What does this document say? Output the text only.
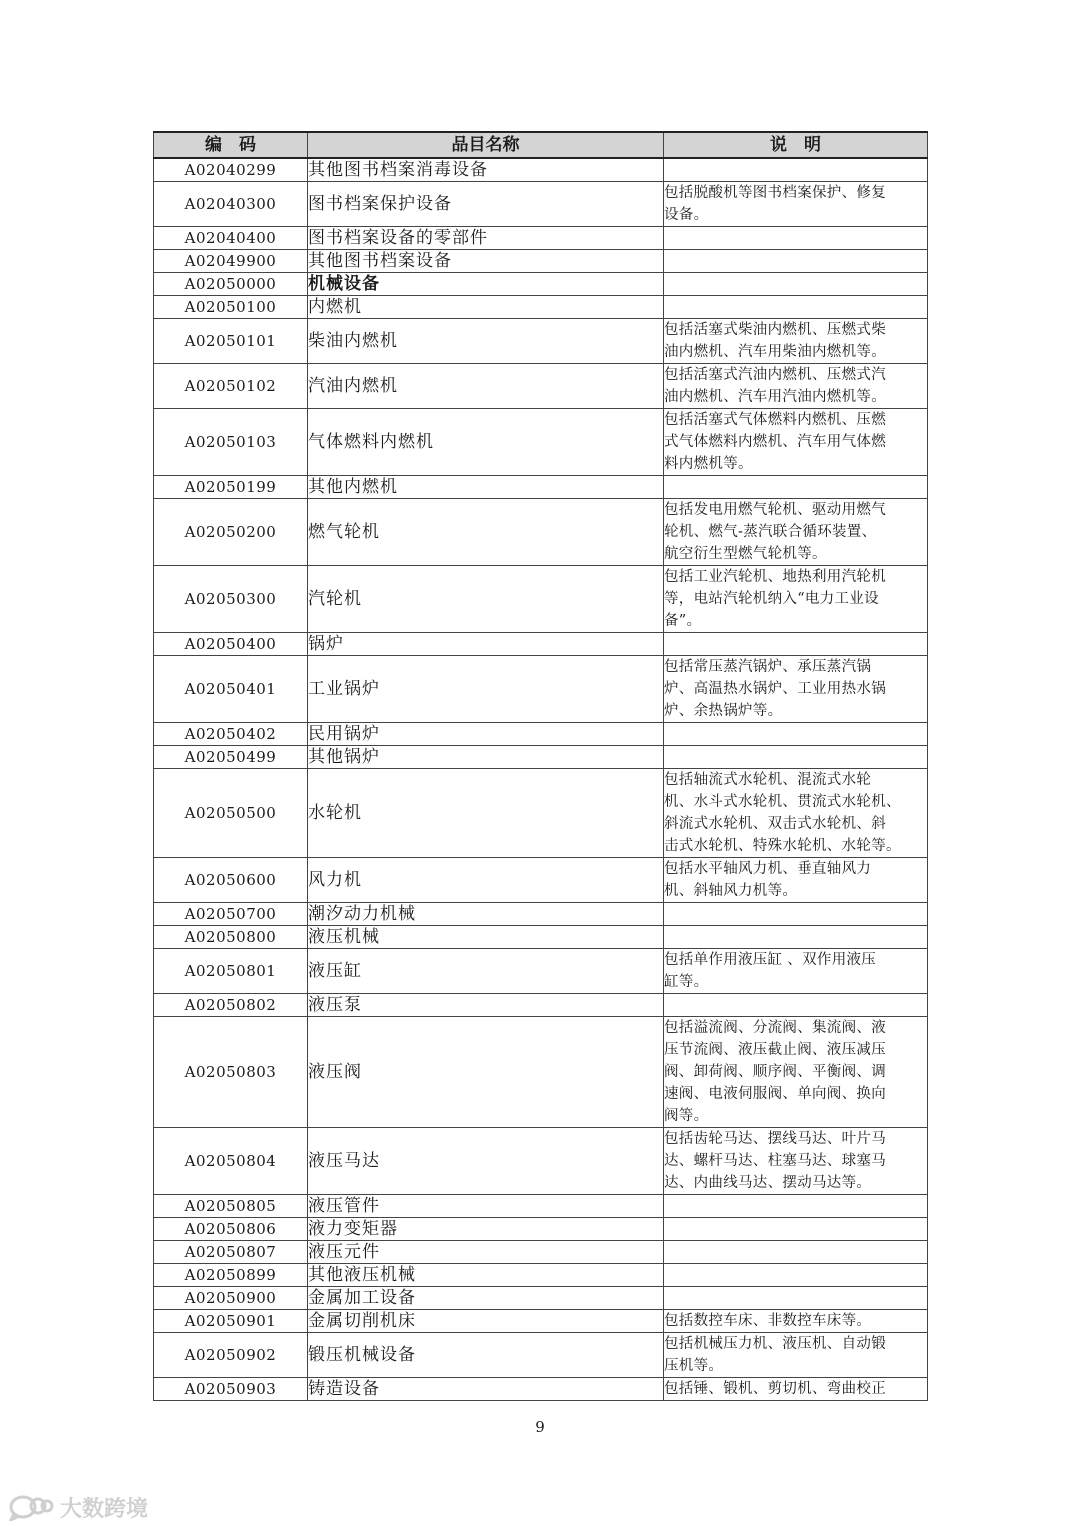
编　码	品目名称	说　明
A02040299	其他图书档案消毒设备	
A02040300	图书档案保护设备	包括脱酸机等图书档案保护、修复
设备。

A02040400	图书档案设备的零部件	
A02049900	其他图书档案设备	
A02050000	机械设备	
A02050100	内燃机	
A02050101	柴油内燃机	包括活塞式柴油内燃机、压燃式柴
油内燃机、汽车用柴油内燃机等。

A02050102	汽油内燃机	包括活塞式汽油内燃机、压燃式汽
油内燃机、汽车用汽油内燃机等。

A02050103	气体燃料内燃机	包括活塞式气体燃料内燃机、压燃
式气体燃料内燃机、汽车用气体燃
料内燃机等。

A02050199	其他内燃机	
A02050200	燃气轮机	包括发电用燃气轮机、驱动用燃气
轮机、燃气-蒸汽联合循环装置、
航空衍生型燃气轮机等。

A02050300	汽轮机	包括工业汽轮机、地热利用汽轮机
等，电站汽轮机纳入“电力工业设
备”。

A02050400	锅炉	
A02050401	工业锅炉	包括常压蒸汽锅炉、承压蒸汽锅
炉、高温热水锅炉、工业用热水锅
炉、余热锅炉等。

A02050402	民用锅炉	
A02050499	其他锅炉	
A02050500	水轮机	包括轴流式水轮机、混流式水轮
机、水斗式水轮机、贯流式水轮机、
斜流式水轮机、双击式水轮机、斜
击式水轮机、特殊水轮机、水轮等。

A02050600	风力机	包括水平轴风力机、垂直轴风力
机、斜轴风力机等。

A02050700	潮汐动力机械	
A02050800	液压机械	
A02050801	液压缸	包括单作用液压缸 、双作用液压
缸等。

A02050802	液压泵	
A02050803	液压阀	包括溢流阀、分流阀、集流阀、液
压节流阀、液压截止阀、液压减压
阀、卸荷阀、顺序阀、平衡阀、调
速阀、电液伺服阀、单向阀、换向
阀等。

A02050804	液压马达	包括齿轮马达、摆线马达、叶片马
达、螺杆马达、柱塞马达、球塞马
达、内曲线马达、摆动马达等。

A02050805	液压管件	
A02050806	液力变矩器	
A02050807	液压元件	
A02050899	其他液压机械	
A02050900	金属加工设备	
A02050901	金属切削机床	包括数控车床、非数控车床等。

A02050902	锻压机械设备	包括机械压力机、液压机、自动锻
压机等。

A02050903	铸造设备	包括锤、锻机、剪切机、弯曲校正
9
大数跨境
